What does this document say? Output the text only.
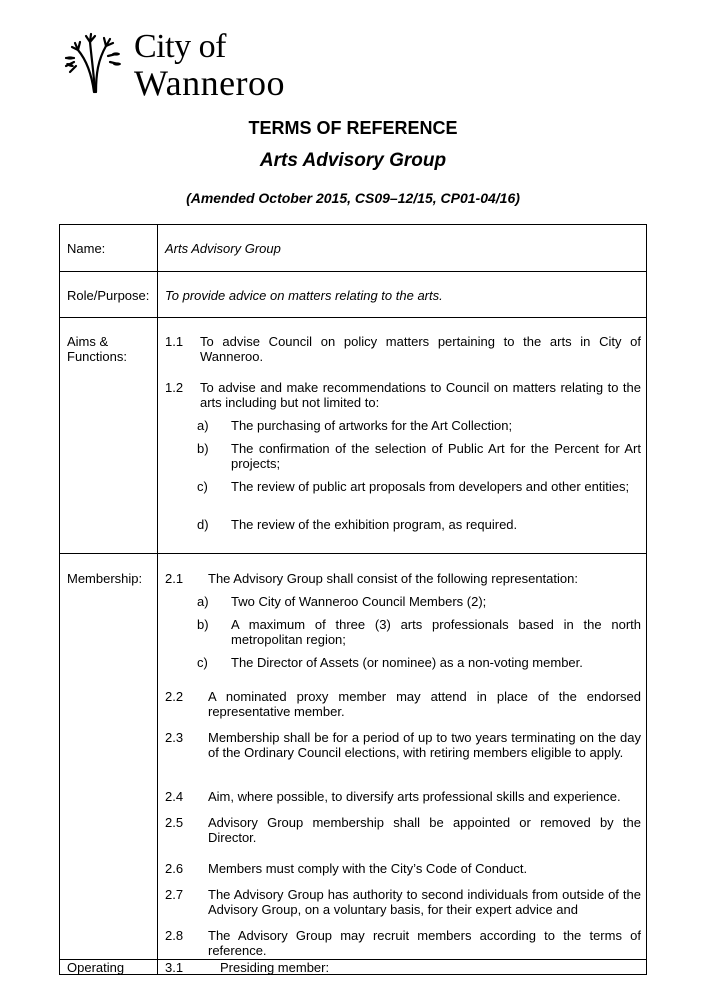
City of
Wanneroo
TERMS OF REFERENCE
Arts Advisory Group
(Amended October 2015, CS09–12/15, CP01-04/16)
Name:	Arts Advisory Group
Role/Purpose: To provide advice on matters relating to the arts.
Aims & Functions:
1.1 To advise Council on policy matters pertaining to the arts in City of Wanneroo.
1.2 To advise and make recommendations to Council on matters relating to the arts including but not limited to:
a) The purchasing of artworks for the Art Collection;
b) The confirmation of the selection of Public Art for the Percent for Art projects;
c) The review of public art proposals from developers and other entities;
d) The review of the exhibition program, as required.
Membership: 2.1 The Advisory Group shall consist of the following representation:
a) Two City of Wanneroo Council Members (2);
b) A maximum of three (3) arts professionals based in the north metropolitan region;
c) The Director of Assets (or nominee) as a non-voting member.
2.2 A nominated proxy member may attend in place of the endorsed representative member.
2.3 Membership shall be for a period of up to two years terminating on the day of the Ordinary Council elections, with retiring members eligible to apply.
2.4 Aim, where possible, to diversify arts professional skills and experience.
2.5 Advisory Group membership shall be appointed or removed by the Director.
2.6 Members must comply with the City’s Code of Conduct.
2.7 The Advisory Group has authority to second individuals from outside of the Advisory Group, on a voluntary basis, for their expert advice and
2.8 The Advisory Group may recruit members according to the terms of reference.
Operating	3.1	Presiding member:
